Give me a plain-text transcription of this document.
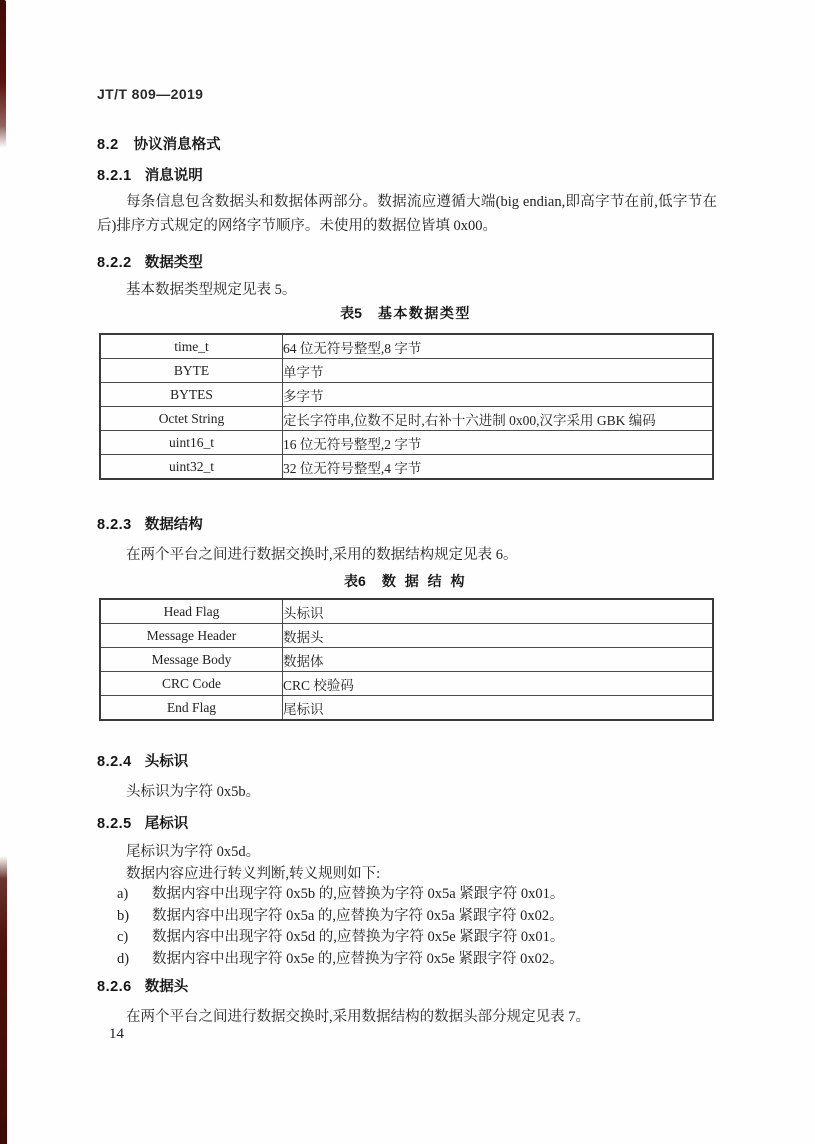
JT/T 809—2019
8.2 协议消息格式
8.2.1 消息说明
每条信息包含数据头和数据体两部分。数据流应遵循大端(big endian,即高字节在前,低字节在后)排序方式规定的网络字节顺序。未使用的数据位皆填 0x00。
8.2.2 数据类型
基本数据类型规定见表 5。
表5 基本数据类型
time_t	64 位无符号整型,8 字节
BYTE	单字节
BYTES	多字节
Octet String	定长字符串,位数不足时,右补十六进制 0x00,汉字采用 GBK 编码
uint16_t	16 位无符号整型,2 字节
uint32_t	32 位无符号整型,4 字节
8.2.3 数据结构
在两个平台之间进行数据交换时,采用的数据结构规定见表 6。
表6 数 据 结 构
Head Flag	头标识
Message Header	数据头
Message Body	数据体
CRC Code	CRC 校验码
End Flag	尾标识
8.2.4 头标识
头标识为字符 0x5b。
8.2.5 尾标识
尾标识为字符 0x5d。
数据内容应进行转义判断,转义规则如下:
a) 数据内容中出现字符 0x5b 的,应替换为字符 0x5a 紧跟字符 0x01。
b) 数据内容中出现字符 0x5a 的,应替换为字符 0x5a 紧跟字符 0x02。
c) 数据内容中出现字符 0x5d 的,应替换为字符 0x5e 紧跟字符 0x01。
d) 数据内容中出现字符 0x5e 的,应替换为字符 0x5e 紧跟字符 0x02。
8.2.6 数据头
在两个平台之间进行数据交换时,采用数据结构的数据头部分规定见表 7。
14
